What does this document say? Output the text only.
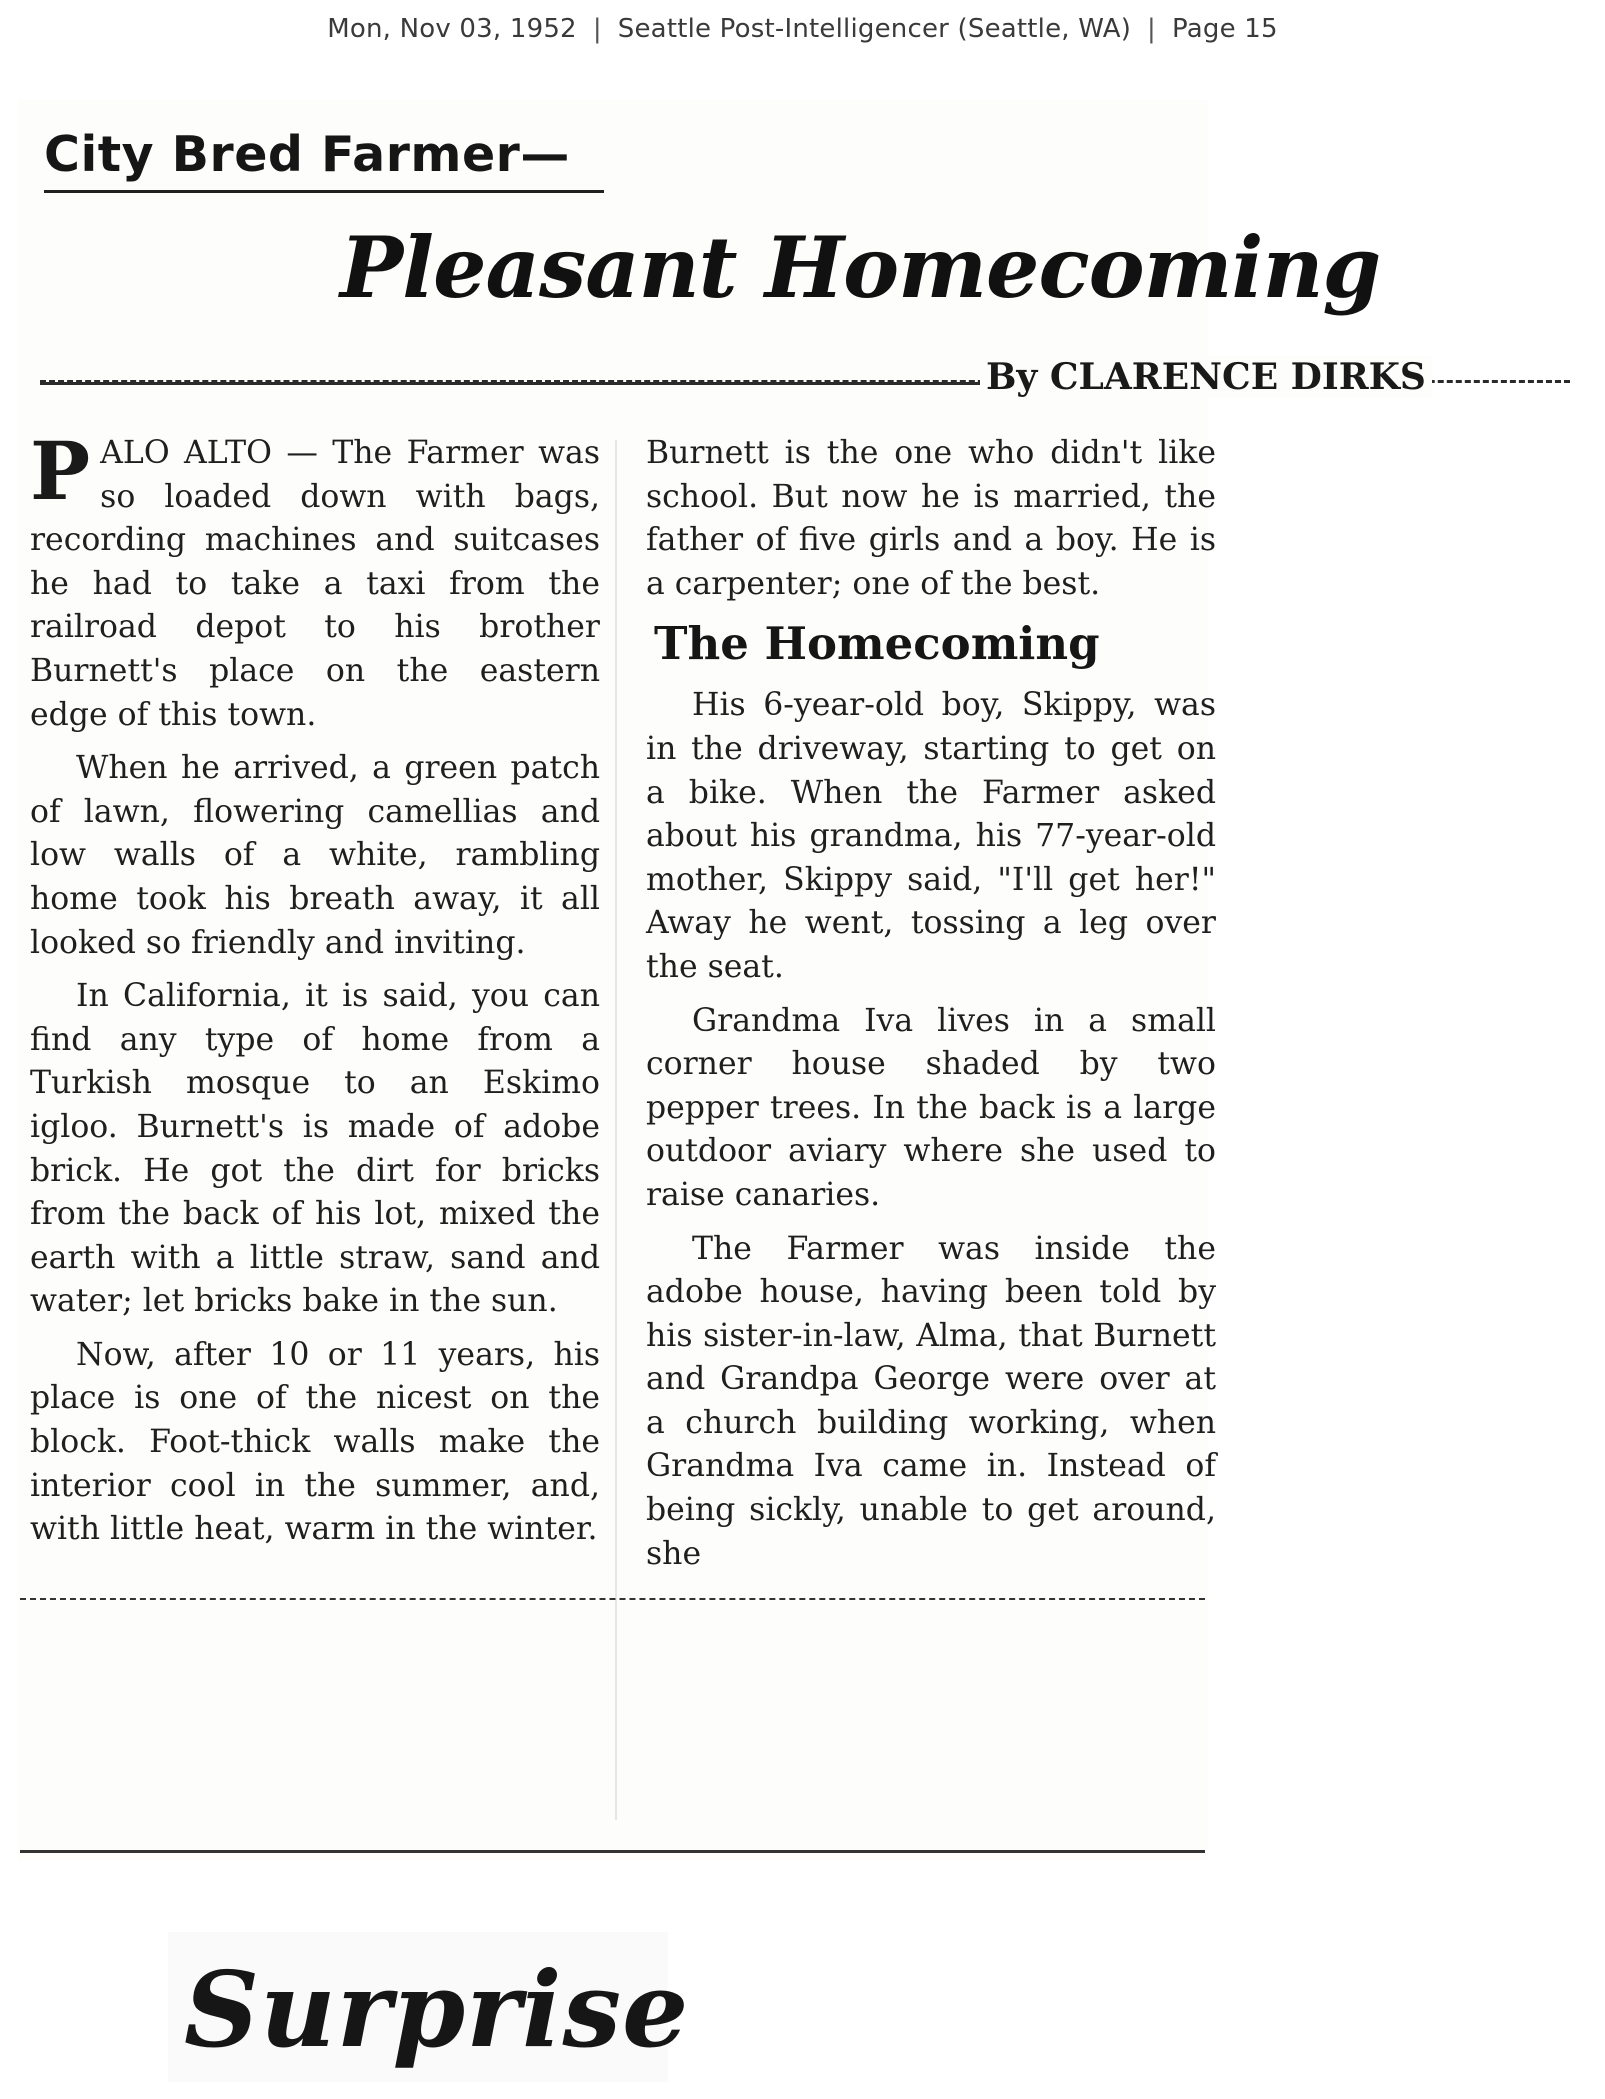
Mon, Nov 03, 1952 | Seattle Post-Intelligencer (Seattle, WA) | Page 15
City Bred Farmer—
Pleasant Homecoming
By CLARENCE DIRKS

PALO ALTO — The Farmer was so loaded down with bags, recording machines and suitcases he had to take a taxi from the railroad depot to his brother Burnett's place on the eastern edge of this town.

When he arrived, a green patch of lawn, flowering camellias and low walls of a white, rambling home took his breath away, it all looked so friendly and inviting.

In California, it is said, you can find any type of home from a Turkish mosque to an Eskimo igloo. Burnett's is made of adobe brick. He got the dirt for bricks from the back of his lot, mixed the earth with a little straw, sand and water; let bricks bake in the sun.

Now, after 10 or 11 years, his place is one of the nicest on the block. Foot-thick walls make the interior cool in the summer, and, with little heat, warm in the winter.

Burnett is the one who didn't like school. But now he is married, the father of five girls and a boy. He is a carpenter; one of the best.

The Homecoming

His 6-year-old boy, Skippy, was in the driveway, starting to get on a bike. When the Farmer asked about his grandma, his 77-year-old mother, Skippy said, "I'll get her!" Away he went, tossing a leg over the seat.

Grandma Iva lives in a small corner house shaded by two pepper trees. In the back is a large outdoor aviary where she used to raise canaries.

The Farmer was inside the adobe house, having been told by his sister-in-law, Alma, that Burnett and Grandpa George were over at a church building working, when Grandma Iva came in. Instead of being sickly, unable to get around, she

Surprise
